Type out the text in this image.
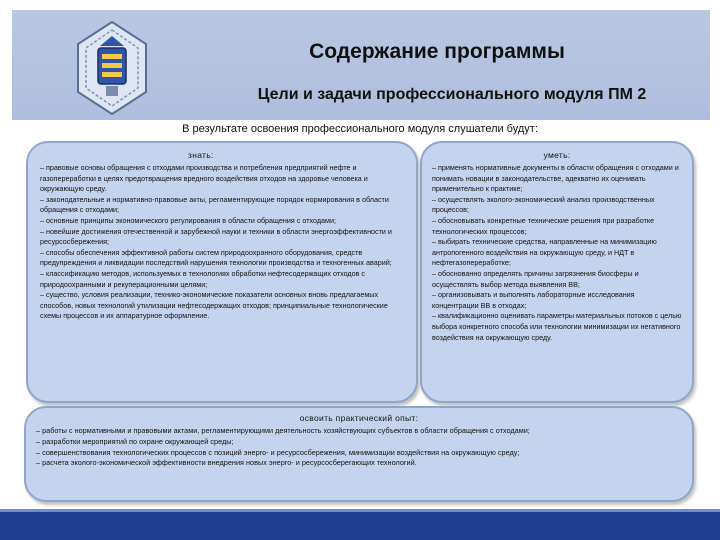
Содержание программы
Цели и задачи профессионального модуля ПМ 2
В результате освоения профессионального модуля слушатели будут:
знать:
– правовые основы обращения с отходами производства и потребления предприятий нефте и газопереработки в целях предотвращения вредного воздействия отходов на здоровье человека и окружающую среду.
– законодательные и нормативно-правовые акты, регламентирующие порядок нормирования в области обращения с отходами;
– основные принципы экономического регулирования в области обращения с отходами;
– новейшие достижения отечественной и зарубежной науки и техники в области энергоэффективности и ресурсосбережения;
– способы обеспечения эффективной работы систем природоохранного оборудования, средств предупреждения и ликвидации последствий нарушения технологии производства и техногенных аварий;
– классификацию методов, используемых в технологиях обработки нефтесодержащих отходов с природоохранными и рекуперационными целями;
– существо, условия реализации, технико-экономические показатели основных вновь предлагаемых способов, новых технологий утилизации нефтесодержащих отходов; принципиальные технологические схемы процессов и их аппаратурное оформление.
уметь:
– применять нормативные документы в области обращения с отходами и понимать новации в законодательстве, адекватно их оценивать применительно к практике;
– осуществлять эколого-экономический анализ производственных процессов;
– обосновывать конкретные технические решения при разработке технологических процессов;
– выбирать технические средства, направленные на минимизацию антропогенного воздействия на окружающую среду, и НДТ в нефтегазопереработке;
– обоснованно определять причины загрязнения биосферы и осуществлять выбор метода выявления ВВ;
– организовывать и выполнять лабораторные исследования концентрации ВВ в отходах;
– квалификационно оценивать параметры материальных потоков с целью выбора конкретного способа или технологии минимизации их негативного воздействия на окружающую среду.
освоить практический опыт:
– работы с нормативными и правовыми актами, регламентирующими деятельность хозяйствующих субъектов в области обращения с отходами;
– разработки мероприятий по охране окружающей среды;
– совершенствования технологических процессов с позиций энерго- и ресурсосбережения, минимизации воздействия на окружающую среду;
– расчета эколого-экономической эффективности внедрения новых энерго- и ресурсосберегающих технологий.
